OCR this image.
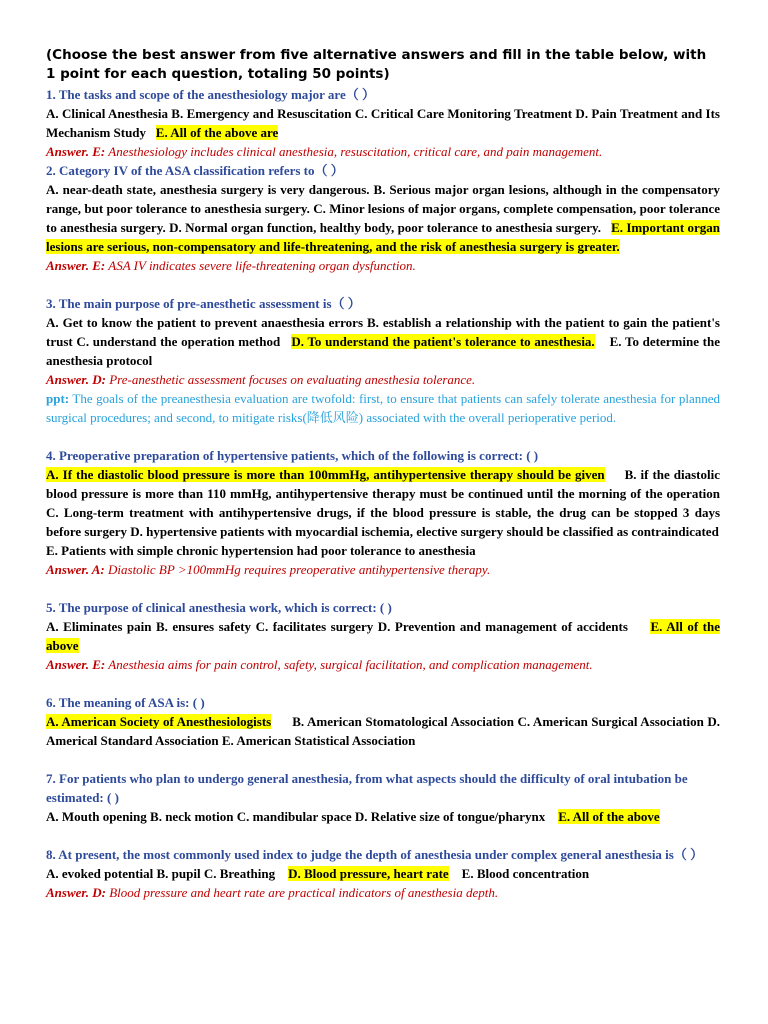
(Choose the best answer from five alternative answers and fill in the table below, with 1 point for each question, totaling 50 points)
1. The tasks and scope of the anesthesiology major are（ ）
A. Clinical Anesthesia B. Emergency and Resuscitation C. Critical Care Monitoring Treatment D. Pain Treatment and Its Mechanism Study E. All of the above are
Answer. E: Anesthesiology includes clinical anesthesia, resuscitation, critical care, and pain management.
2. Category IV of the ASA classification refers to（ ）
A. near-death state, anesthesia surgery is very dangerous. B. Serious major organ lesions, although in the compensatory range, but poor tolerance to anesthesia surgery. C. Minor lesions of major organs, complete compensation, poor tolerance to anesthesia surgery. D. Normal organ function, healthy body, poor tolerance to anesthesia surgery. E. Important organ lesions are serious, non-compensatory and life-threatening, and the risk of anesthesia surgery is greater.
Answer. E: ASA IV indicates severe life-threatening organ dysfunction.
3. The main purpose of pre-anesthetic assessment is（ ）
A. Get to know the patient to prevent anaesthesia errors B. establish a relationship with the patient to gain the patient's trust C. understand the operation method D. To understand the patient's tolerance to anesthesia. E. To determine the anesthesia protocol
Answer. D: Pre-anesthetic assessment focuses on evaluating anesthesia tolerance.
ppt: The goals of the preanesthesia evaluation are twofold: first, to ensure that patients can safely tolerate anesthesia for planned surgical procedures; and second, to mitigate risks(降低风险) associated with the overall perioperative period.
4. Preoperative preparation of hypertensive patients, which of the following is correct: ( )
A. If the diastolic blood pressure is more than 100mmHg, antihypertensive therapy should be given B. if the diastolic blood pressure is more than 110 mmHg, antihypertensive therapy must be continued until the morning of the operation C. Long-term treatment with antihypertensive drugs, if the blood pressure is stable, the drug can be stopped 3 days before surgery D. hypertensive patients with myocardial ischemia, elective surgery should be classified as contraindicated
E. Patients with simple chronic hypertension had poor tolerance to anesthesia
Answer. A: Diastolic BP >100mmHg requires preoperative antihypertensive therapy.
5. The purpose of clinical anesthesia work, which is correct: ( )
A. Eliminates pain B. ensures safety C. facilitates surgery D. Prevention and management of accidents E. All of the above
Answer. E: Anesthesia aims for pain control, safety, surgical facilitation, and complication management.
6. The meaning of ASA is: ( )
A. American Society of Anesthesiologists B. American Stomatological Association C. American Surgical Association D. Americal Standard Association E. American Statistical Association
7. For patients who plan to undergo general anesthesia, from what aspects should the difficulty of oral intubation be estimated: ( )
A. Mouth opening B. neck motion C. mandibular space D. Relative size of tongue/pharynx E. All of the above
8. At present, the most commonly used index to judge the depth of anesthesia under complex general anesthesia is（ ）
A. evoked potential B. pupil C. Breathing D. Blood pressure, heart rate E. Blood concentration
Answer. D: Blood pressure and heart rate are practical indicators of anesthesia depth.
